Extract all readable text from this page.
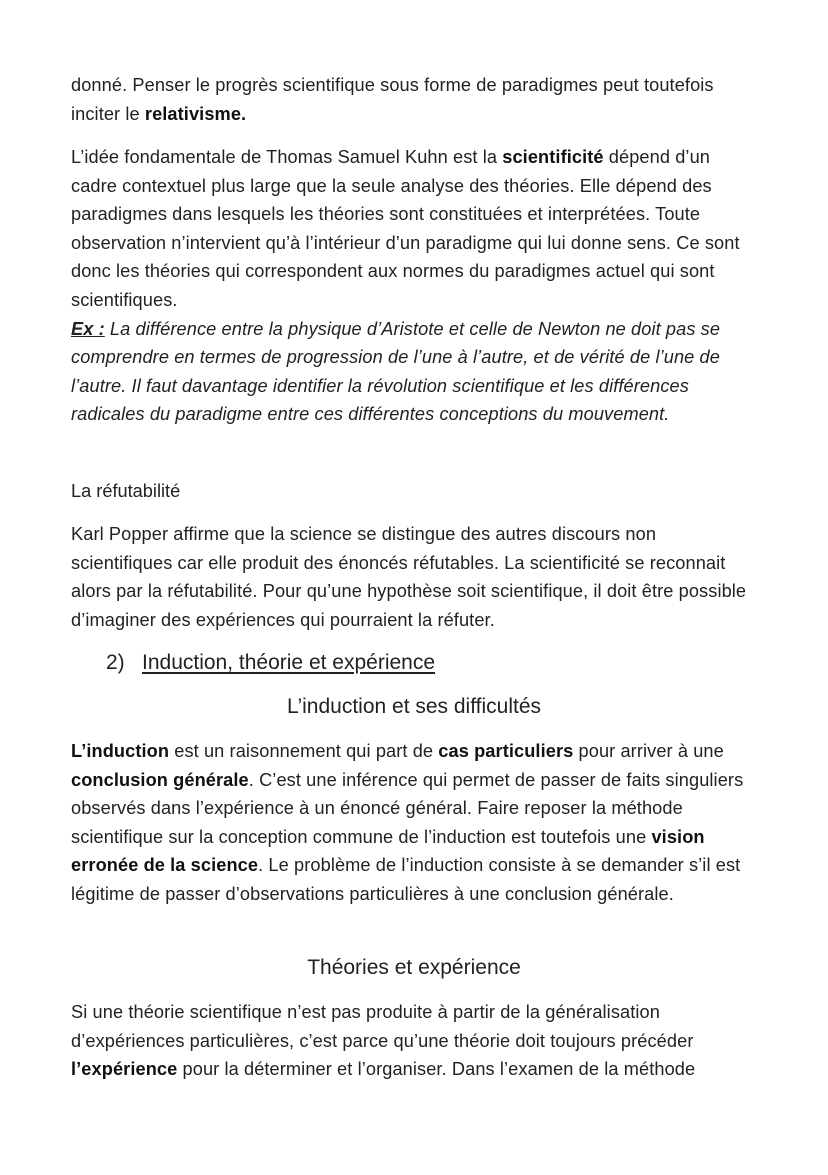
donné. Penser le progrès scientifique sous forme de paradigmes peut toutefois inciter le relativisme.

L’idée fondamentale de Thomas Samuel Kuhn est la scientificité dépend d’un cadre contextuel plus large que la seule analyse des théories. Elle dépend des paradigmes dans lesquels les théories sont constituées et interprétées. Toute observation n’intervient qu’à l’intérieur d’un paradigme qui lui donne sens. Ce sont donc les théories qui correspondent aux normes du paradigmes actuel qui sont scientifiques.
Ex : La différence entre la physique d’Aristote et celle de Newton ne doit pas se comprendre en termes de progression de l’une à l’autre, et de vérité de l’une de l’autre. Il faut davantage identifier la révolution scientifique et les différences radicales du paradigme entre ces différentes conceptions du mouvement.

La réfutabilité

Karl Popper affirme que la science se distingue des autres discours non scientifiques car elle produit des énoncés réfutables. La scientificité se reconnait alors par la réfutabilité. Pour qu’une hypothèse soit scientifique, il doit être possible d’imaginer des expériences qui pourraient la réfuter.

2) Induction, théorie et expérience
L’induction et ses difficultés

L’induction est un raisonnement qui part de cas particuliers pour arriver à une conclusion générale. C’est une inférence qui permet de passer de faits singuliers observés dans l’expérience à un énoncé général. Faire reposer la méthode scientifique sur la conception commune de l’induction est toutefois une vision erronée de la science. Le problème de l’induction consiste à se demander s’il est légitime de passer d’observations particulières à une conclusion générale.

Théories et expérience

Si une théorie scientifique n’est pas produite à partir de la généralisation d’expériences particulières, c’est parce qu’une théorie doit toujours précéder l’expérience pour la déterminer et l’organiser. Dans l’examen de la méthode
